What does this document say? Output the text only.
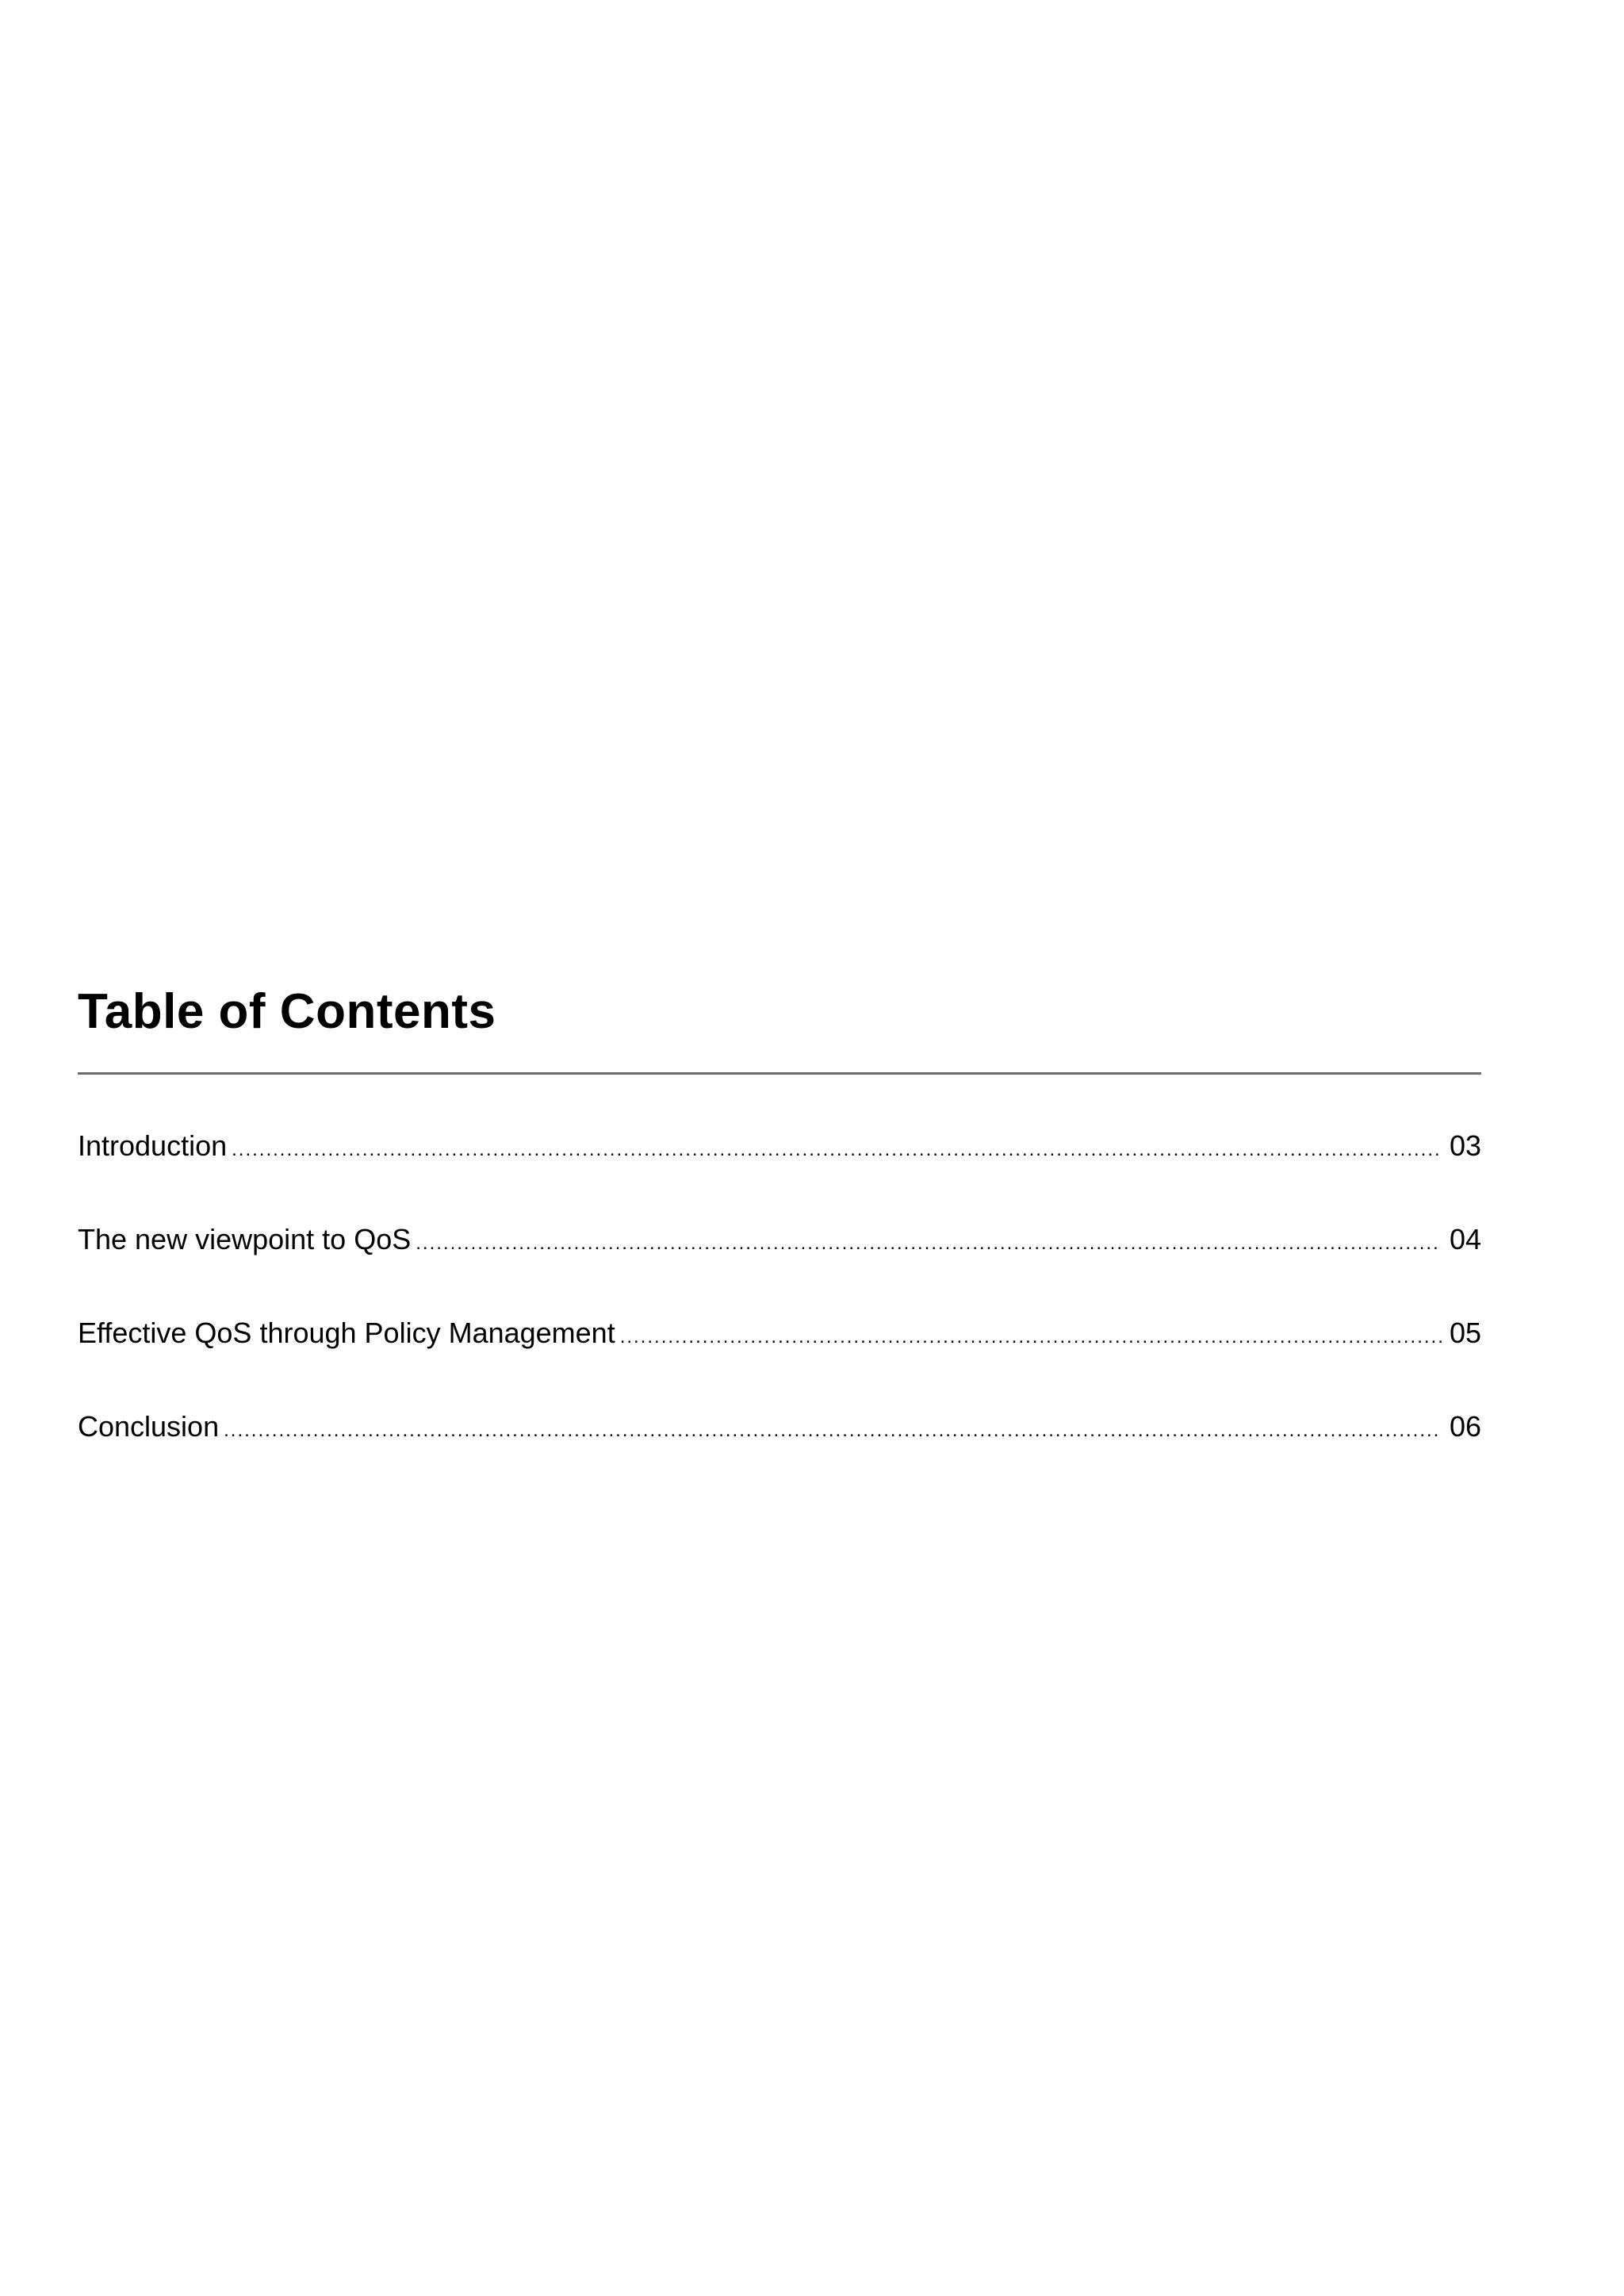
Table of Contents
Introduction .....	03
The new viewpoint to QoS .....	04
Effective QoS through Policy Management .....	05
Conclusion .....	06
